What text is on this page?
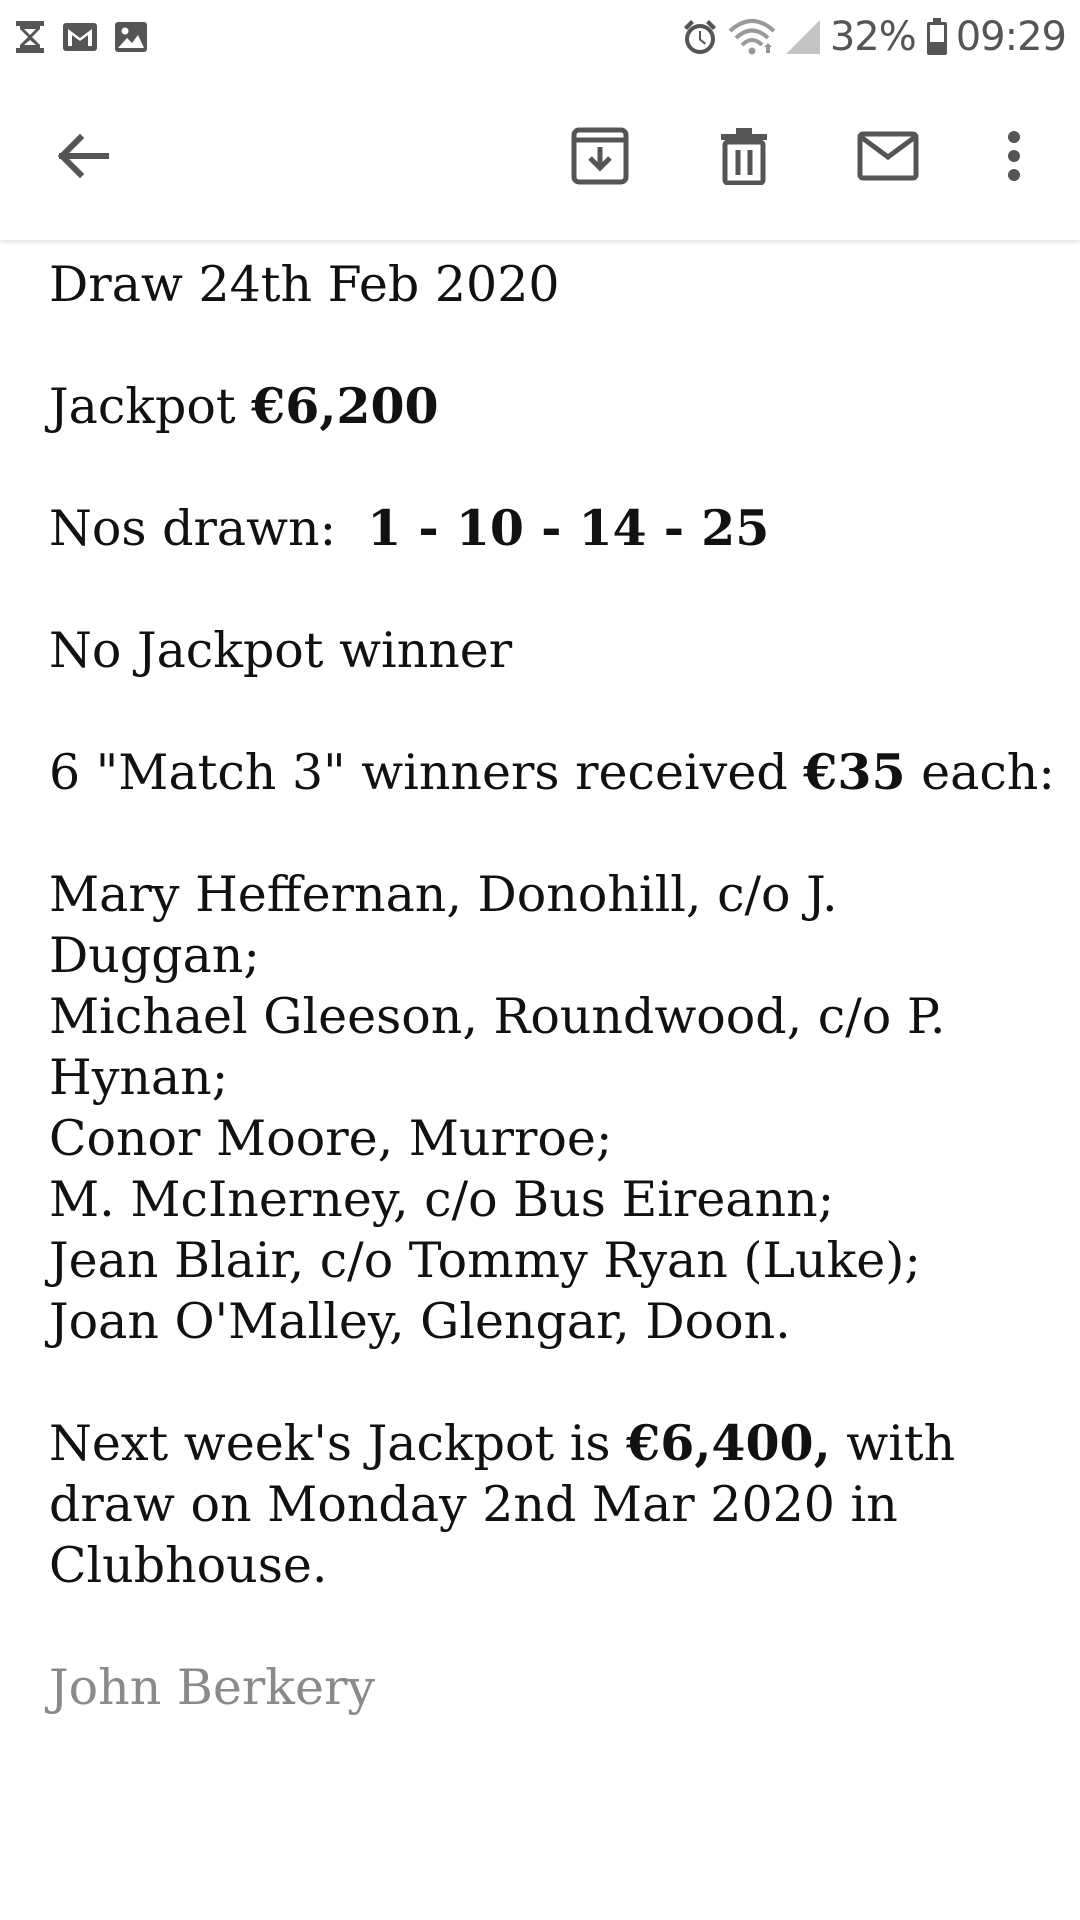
32% 09:29

Draw 24th Feb 2020

Jackpot €6,200

Nos drawn:  1 - 10 - 14 - 25

No Jackpot winner

6 "Match 3" winners received €35 each:

Mary Heffernan, Donohill, c/o J. Duggan;

Michael Gleeson, Roundwood, c/o P. Hynan;

Conor Moore, Murroe;

M. McInerney, c/o Bus Eireann;

Jean Blair, c/o Tommy Ryan (Luke);

Joan O'Malley, Glengar, Doon.

Next week's Jackpot is €6,400, with draw on Monday 2nd Mar 2020 in Clubhouse.

John Berkery
